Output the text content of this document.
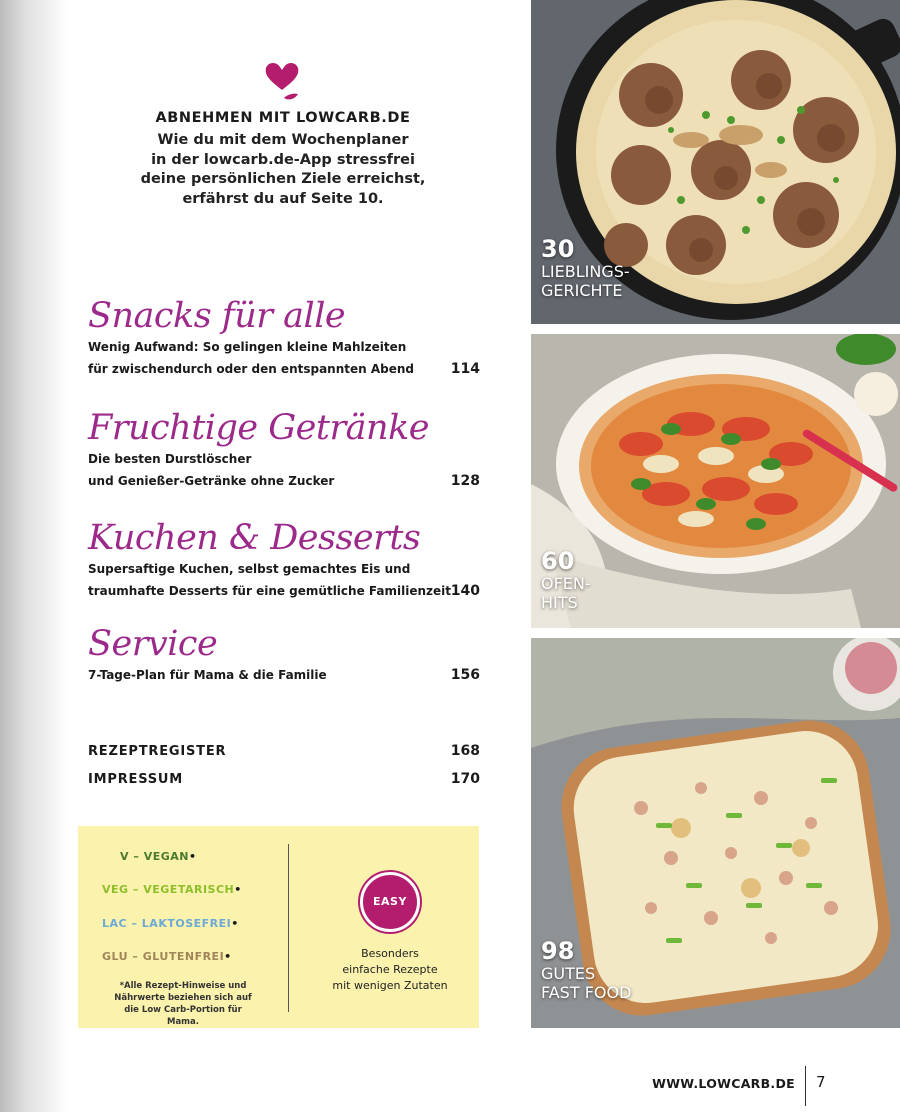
ABNEHMEN MIT LOWCARB.DE
Wie du mit dem Wochenplaner
in der lowcarb.de-App stressfrei
deine persönlichen Ziele erreichst,
erfährst du auf Seite 10.
Snacks für alle
Wenig Aufwand: So gelingen kleine Mahlzeiten
für zwischendurch oder den entspannten Abend	114
Fruchtige Getränke
Die besten Durstlöscher
und Genießer-Getränke ohne Zucker	128
Kuchen & Desserts
Supersaftige Kuchen, selbst gemachtes Eis und
traumhafte Desserts für eine gemütliche Familienzeit 140
Service
7-Tage-Plan für Mama & die Familie	156
REZEPTREGISTER	168
IMPRESSUM	170
V – VEGAN•
VEG – VEGETARISCH•
LAC – LAKTOSEFREI•
GLU – GLUTENFREI•
*Alle Rezept-Hinweise und Nährwerte beziehen sich auf die Low Carb-Portion für Mama.
EASY
Besonders
einfache Rezepte
mit wenigen Zutaten
30
LIEBLINGS-
GERICHTE
60
OFEN-
HITS
98
GUTES
FAST FOOD
WWW.LOWCARB.DE 7
